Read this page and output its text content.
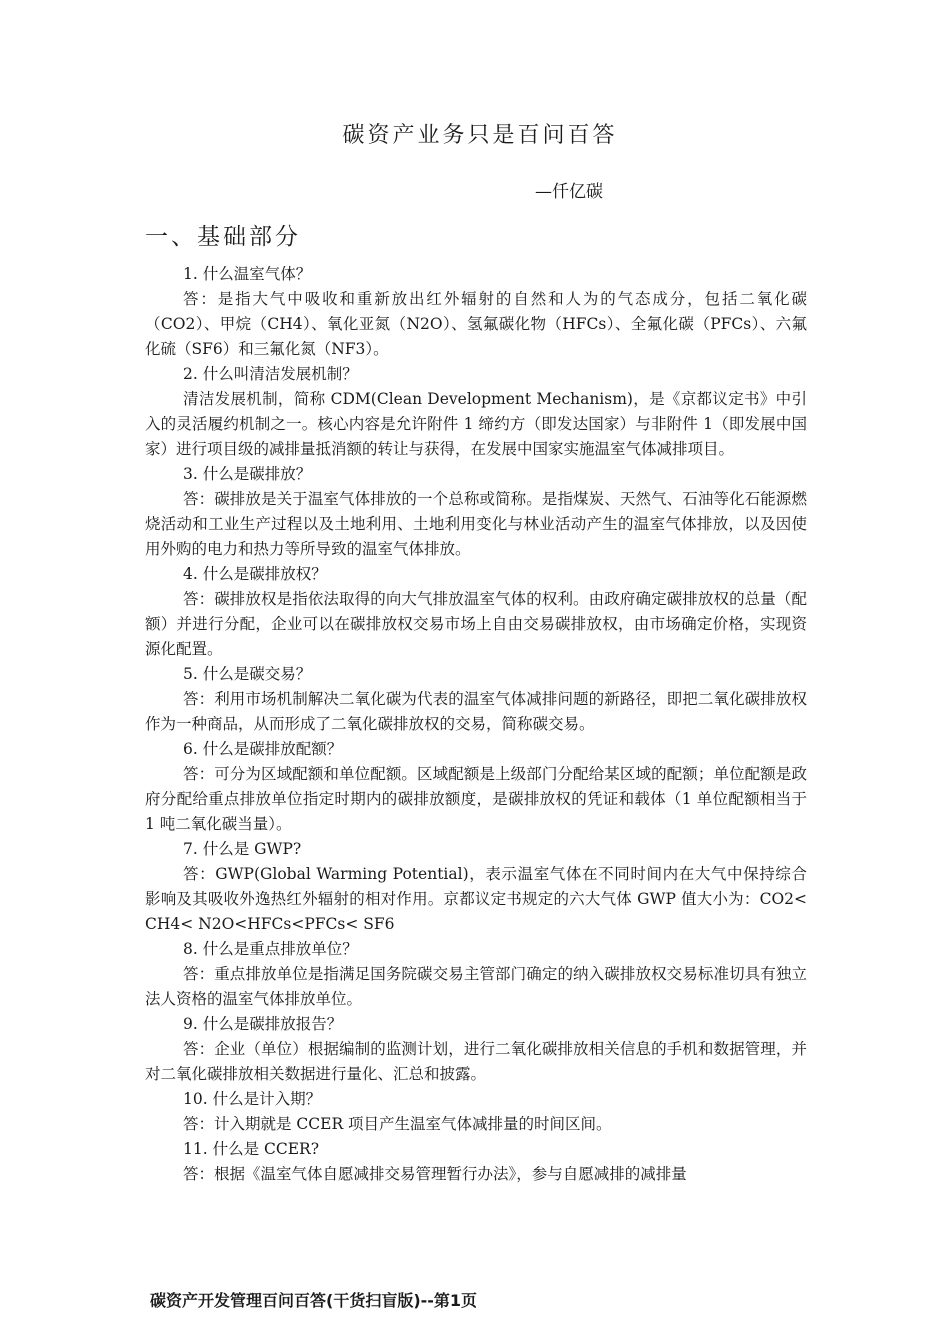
碳资产业务只是百问百答
—仟亿碳
一、基础部分

1. 什么温室气体？

答：是指大气中吸收和重新放出红外辐射的自然和人为的气态成分，包括二氧化碳（CO2）、甲烷（CH4）、氧化亚氮（N2O）、氢氟碳化物（HFCs）、全氟化碳（PFCs）、六氟化硫（SF6）和三氟化氮（NF3）。

2. 什么叫清洁发展机制？

清洁发展机制，简称 CDM(Clean Development Mechanism)，是《京都议定书》中引入的灵活履约机制之一。核心内容是允许附件 1 缔约方（即发达国家）与非附件 1（即发展中国家）进行项目级的减排量抵消额的转让与获得，在发展中国家实施温室气体减排项目。

3. 什么是碳排放？

答：碳排放是关于温室气体排放的一个总称或简称。是指煤炭、天然气、石油等化石能源燃烧活动和工业生产过程以及土地利用、土地利用变化与林业活动产生的温室气体排放，以及因使用外购的电力和热力等所导致的温室气体排放。

4. 什么是碳排放权？

答：碳排放权是指依法取得的向大气排放温室气体的权利。由政府确定碳排放权的总量（配额）并进行分配，企业可以在碳排放权交易市场上自由交易碳排放权，由市场确定价格，实现资源化配置。

5. 什么是碳交易？

答：利用市场机制解决二氧化碳为代表的温室气体减排问题的新路径，即把二氧化碳排放权作为一种商品，从而形成了二氧化碳排放权的交易，简称碳交易。

6. 什么是碳排放配额？

答：可分为区域配额和单位配额。区域配额是上级部门分配给某区域的配额；单位配额是政府分配给重点排放单位指定时期内的碳排放额度，是碳排放权的凭证和载体（1 单位配额相当于 1 吨二氧化碳当量）。

7. 什么是 GWP?

答：GWP(Global Warming Potential)，表示温室气体在不同时间内在大气中保持综合影响及其吸收外逸热红外辐射的相对作用。京都议定书规定的六大气体 GWP 值大小为：CO2< CH4< N2O<HFCs<PFCs< SF6

8. 什么是重点排放单位？

答：重点排放单位是指满足国务院碳交易主管部门确定的纳入碳排放权交易标准切具有独立法人资格的温室气体排放单位。

9. 什么是碳排放报告？

答：企业（单位）根据编制的监测计划，进行二氧化碳排放相关信息的手机和数据管理，并对二氧化碳排放相关数据进行量化、汇总和披露。

10. 什么是计入期？

答：计入期就是 CCER 项目产生温室气体减排量的时间区间。

11. 什么是 CCER?

答：根据《温室气体自愿减排交易管理暂行办法》，参与自愿减排的减排量

碳资产开发管理百问百答(干货扫盲版)--第1页
